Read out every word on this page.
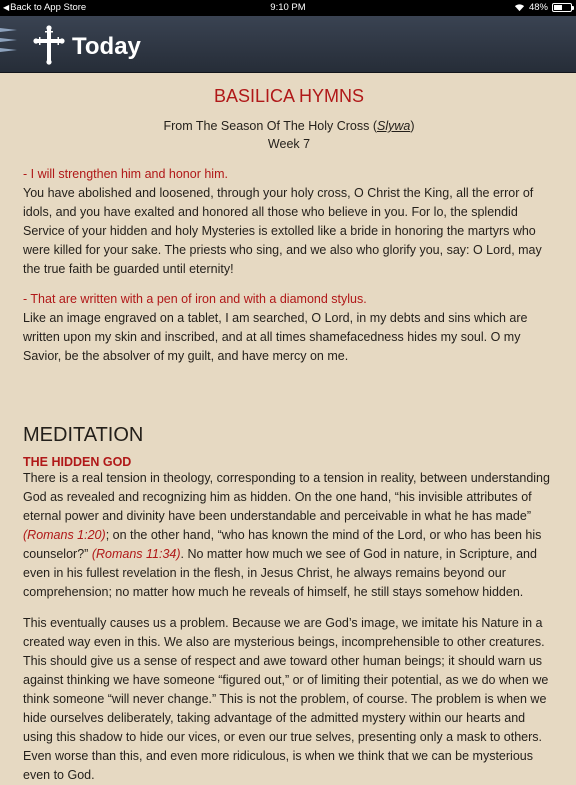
◀Back to App Store	9:10 PM	48%
Today
BASILICA HYMNS
From The Season Of The Holy Cross (Slywa)
Week 7
- I will strengthen him and honor him.
You have abolished and loosened, through your holy cross, O Christ the King, all the error of idols, and you have exalted and honored all those who believe in you. For lo, the splendid Service of your hidden and holy Mysteries is extolled like a bride in honoring the martyrs who were killed for your sake. The priests who sing, and we also who glorify you, say: O Lord, may the true faith be guarded until eternity!
- That are written with a pen of iron and with a diamond stylus.
Like an image engraved on a tablet, I am searched, O Lord, in my debts and sins which are written upon my skin and inscribed, and at all times shamefacedness hides my soul. O my Savior, be the absolver of my guilt, and have mercy on me.
MEDITATION
THE HIDDEN GOD
There is a real tension in theology, corresponding to a tension in reality, between understanding God as revealed and recognizing him as hidden. On the one hand, “his invisible attributes of eternal power and divinity have been understandable and perceivable in what he has made” (Romans 1:20); on the other hand, “who has known the mind of the Lord, or who has been his counselor?” (Romans 11:34). No matter how much we see of God in nature, in Scripture, and even in his fullest revelation in the flesh, in Jesus Christ, he always remains beyond our comprehension; no matter how much he reveals of himself, he still stays somehow hidden.
This eventually causes us a problem. Because we are God’s image, we imitate his Nature in a created way even in this. We also are mysterious beings, incomprehensible to other creatures. This should give us a sense of respect and awe toward other human beings; it should warn us against thinking we have someone “figured out,” or of limiting their potential, as we do when we think someone “will never change.” This is not the problem, of course. The problem is when we hide ourselves deliberately, taking advantage of the admitted mystery within our hearts and using this shadow to hide our vices, or even our true selves, presenting only a mask to others. Even worse than this, and even more ridiculous, is when we think that we can be mysterious even to God.
